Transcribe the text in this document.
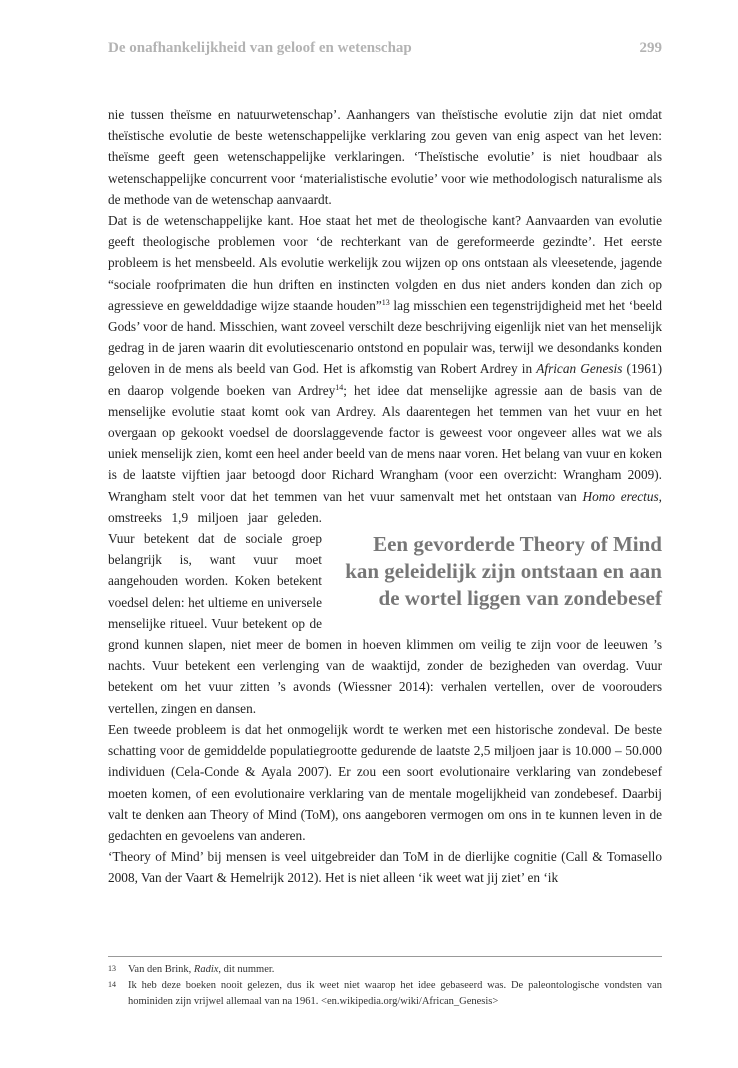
De onafhankelijkheid van geloof en wetenschap	299

nie tussen theïsme en natuurwetenschap’. Aanhangers van theïstische evolutie zijn dat niet omdat theïstische evolutie de beste wetenschappelijke verklaring zou geven van enig aspect van het leven: theïsme geeft geen wetenschappelijke verklaringen. ‘Theïstische evolutie’ is niet houdbaar als wetenschappelijke concurrent voor ‘materialistische evolutie’ voor wie methodologisch naturalisme als de methode van de wetenschap aanvaardt.

Dat is de wetenschappelijke kant. Hoe staat het met de theologische kant? Aanvaarden van evolutie geeft theologische problemen voor ‘de rechterkant van de gereformeerde gezindte’. Het eerste probleem is het mensbeeld. Als evolutie werkelijk zou wijzen op ons ontstaan als vleesetende, jagende “sociale roofprimaten die hun driften en instincten volgden en dus niet anders konden dan zich op agressieve en gewelddadige wijze staande houden”$^{13}$ lag misschien een tegenstrijdigheid met het ‘beeld Gods’ voor de hand. Misschien, want zoveel verschilt deze beschrijving eigenlijk niet van het menselijk gedrag in de jaren waarin dit evolutiescenario ontstond en populair was, terwijl we desondanks konden geloven in de mens als beeld van God. Het is afkomstig van Robert Ardrey in African Genesis (1961) en daarop volgende boeken van Ardrey$^{14}$; het idee dat menselijke agressie aan de basis van de menselijke evolutie staat komt ook van Ardrey. Als daarentegen het temmen van het vuur en het overgaan op gekookt voedsel de doorslaggevende factor is geweest voor ongeveer alles wat we als uniek menselijk zien, komt een heel ander beeld van de mens naar voren. Het belang van vuur en koken is de laatste vijftien jaar betoogd door Richard Wrangham (voor een overzicht: Wrangham 2009). Wrangham stelt voor dat het temmen van het vuur samenvalt met het ontstaan van
Een gevorderde Theory of Mind kan geleidelijk zijn ontstaan en aan de wortel liggen van zondebesef
Homo erectus, omstreeks 1,9 miljoen jaar geleden. Vuur betekent dat de sociale groep belangrijk is, want vuur moet aangehouden worden. Koken betekent voedsel delen: het ultieme en universele menselijke ritueel. Vuur betekent op de grond kunnen slapen, niet meer de bomen in hoeven klimmen om veilig te zijn voor de leeuwen ’s nachts. Vuur betekent een verlenging van de waaktijd, zonder de bezigheden van overdag. Vuur betekent om het vuur zitten ’s avonds (Wiessner 2014): verhalen vertellen, over de voorouders vertellen, zingen en dansen.

Een tweede probleem is dat het onmogelijk wordt te werken met een historische zondeval. De beste schatting voor de gemiddelde populatiegrootte gedurende de laatste 2,5 miljoen jaar is 10.000 – 50.000 individuen (Cela-Conde & Ayala 2007). Er zou een soort evolutionaire verklaring van zondebesef moeten komen, of een evolutionaire verklaring van de mentale mogelijkheid van zondebesef. Daarbij valt te denken aan Theory of Mind (ToM), ons aangeboren vermogen om ons in te kunnen leven in de gedachten en gevoelens van anderen.

‘Theory of Mind’ bij mensen is veel uitgebreider dan ToM in de dierlijke cognitie (Call & Tomasello 2008, Van der Vaart & Hemelrijk 2012). Het is niet alleen ‘ik weet wat jij ziet’ en ‘ik

13	Van den Brink, Radix, dit nummer.
14	Ik heb deze boeken nooit gelezen, dus ik weet niet waarop het idee gebaseerd was. De paleontologische vondsten van hominiden zijn vrijwel allemaal van na 1961. <en.wikipedia.org/wiki/African_Genesis>
